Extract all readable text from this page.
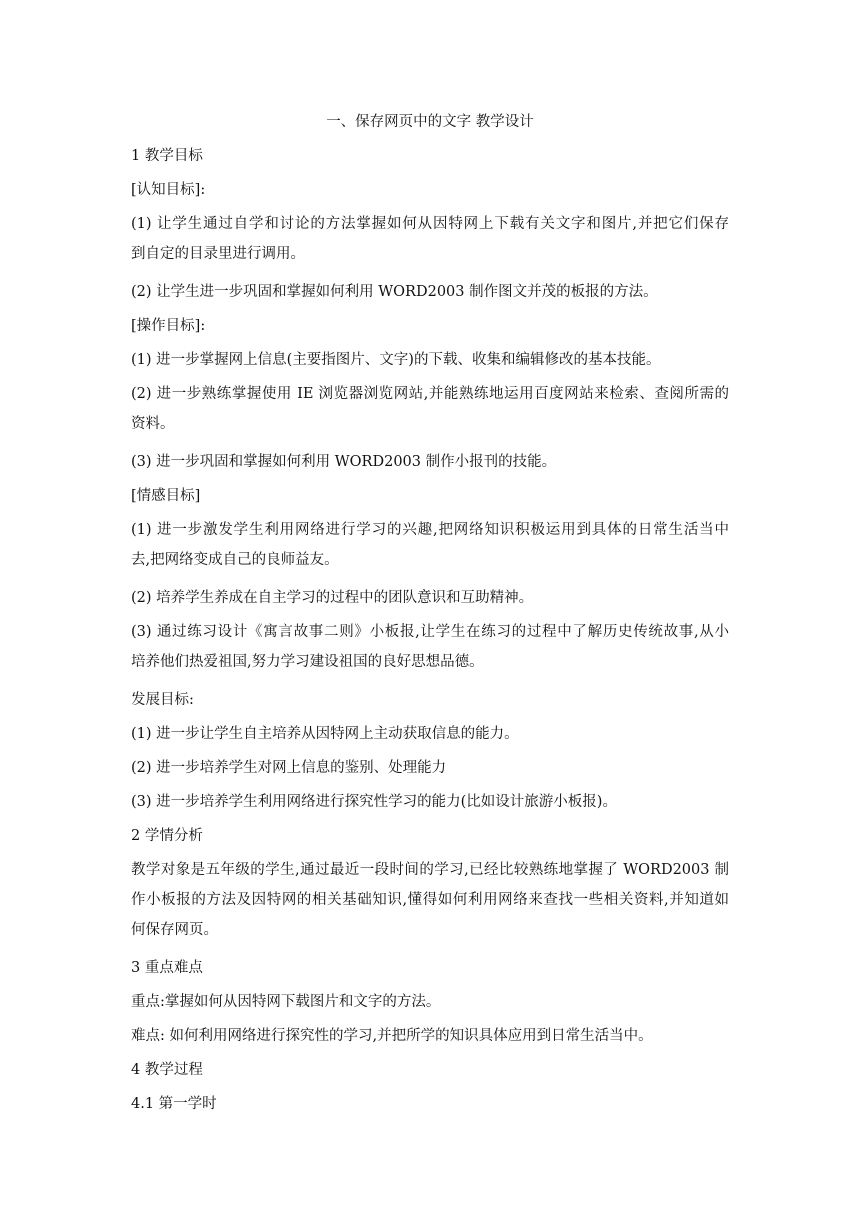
一、保存网页中的文字 教学设计
1 教学目标
[认知目标]:
(1) 让学生通过自学和讨论的方法掌握如何从因特网上下载有关文字和图片,并把它们保存
到自定的目录里进行调用。
(2) 让学生进一步巩固和掌握如何利用 WORD2003 制作图文并茂的板报的方法。
[操作目标]:
(1) 进一步掌握网上信息(主要指图片、文字)的下载、收集和编辑修改的基本技能。
(2) 进一步熟练掌握使用 IE 浏览器浏览网站,并能熟练地运用百度网站来检索、查阅所需的
资料。
(3) 进一步巩固和掌握如何利用 WORD2003 制作小报刊的技能。
[情感目标]
(1) 进一步激发学生利用网络进行学习的兴趣,把网络知识积极运用到具体的日常生活当中
去,把网络变成自己的良师益友。
(2) 培养学生养成在自主学习的过程中的团队意识和互助精神。
(3) 通过练习设计《寓言故事二则》小板报,让学生在练习的过程中了解历史传统故事,从小
培养他们热爱祖国,努力学习建设祖国的良好思想品德。
发展目标:
(1) 进一步让学生自主培养从因特网上主动获取信息的能力。
(2) 进一步培养学生对网上信息的鉴别、处理能力
(3) 进一步培养学生利用网络进行探究性学习的能力(比如设计旅游小板报)。
2 学情分析
教学对象是五年级的学生,通过最近一段时间的学习,已经比较熟练地掌握了 WORD2003 制
作小板报的方法及因特网的相关基础知识,懂得如何利用网络来查找一些相关资料,并知道如
何保存网页。
3 重点难点
重点:掌握如何从因特网下载图片和文字的方法。
难点: 如何利用网络进行探究性的学习,并把所学的知识具体应用到日常生活当中。
4 教学过程
4.1 第一学时
